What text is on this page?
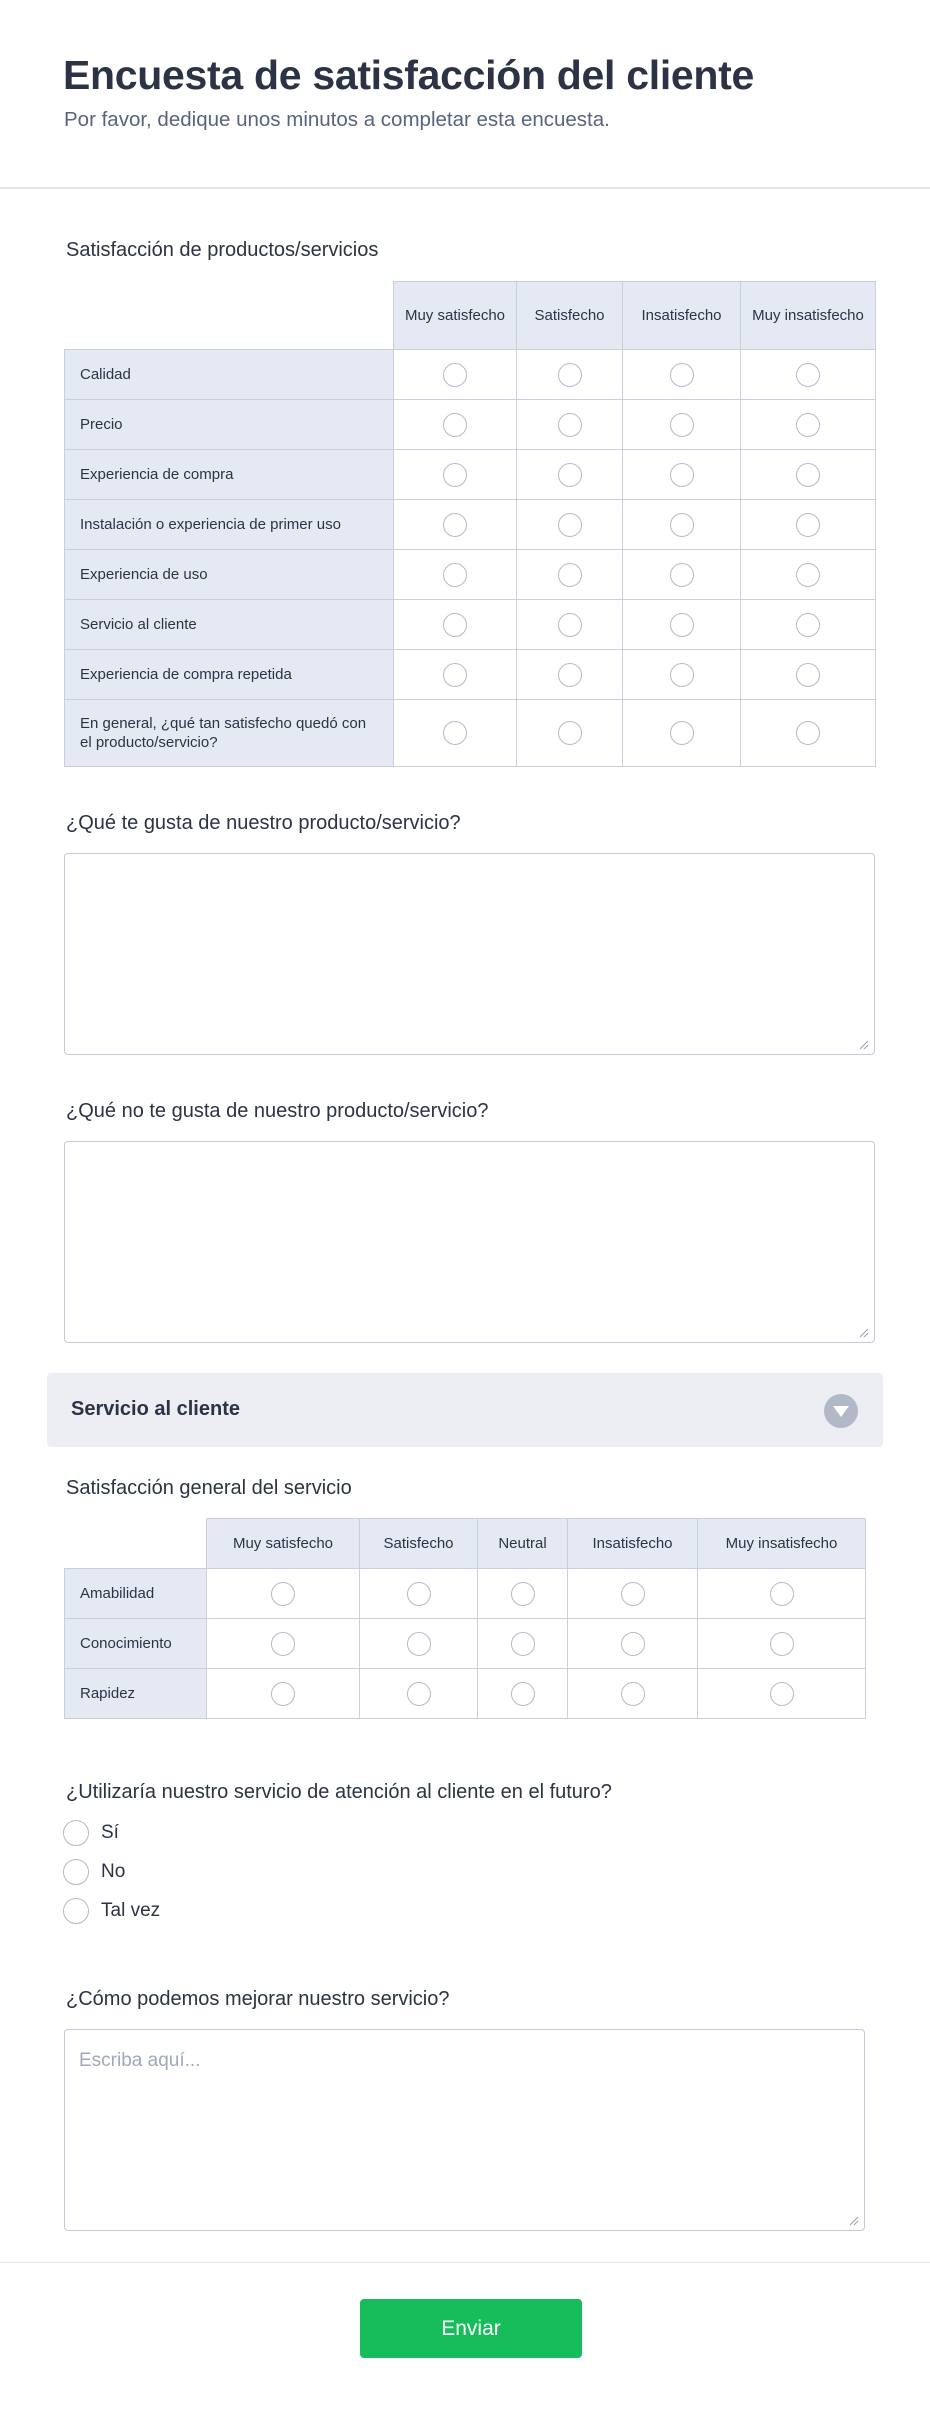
Encuesta de satisfacción del cliente
Por favor, dedique unos minutos a completar esta encuesta.
Satisfacción de productos/servicios
	Muy satisfecho	Satisfecho	Insatisfecho	Muy insatisfecho
Calidad				
Precio				
Experiencia de compra				
Instalación o experiencia de primer uso				
Experiencia de uso				
Servicio al cliente				
Experiencia de compra repetida				
En general, ¿qué tan satisfecho quedó con el producto/servicio?				
¿Qué te gusta de nuestro producto/servicio?
¿Qué no te gusta de nuestro producto/servicio?
Servicio al cliente
Satisfacción general del servicio
	Muy satisfecho	Satisfecho	Neutral	Insatisfecho	Muy insatisfecho
Amabilidad					
Conocimiento					
Rapidez					
¿Utilizaría nuestro servicio de atención al cliente en el futuro?
Sí
No
Tal vez
¿Cómo podemos mejorar nuestro servicio?
Escriba aquí...
Enviar
